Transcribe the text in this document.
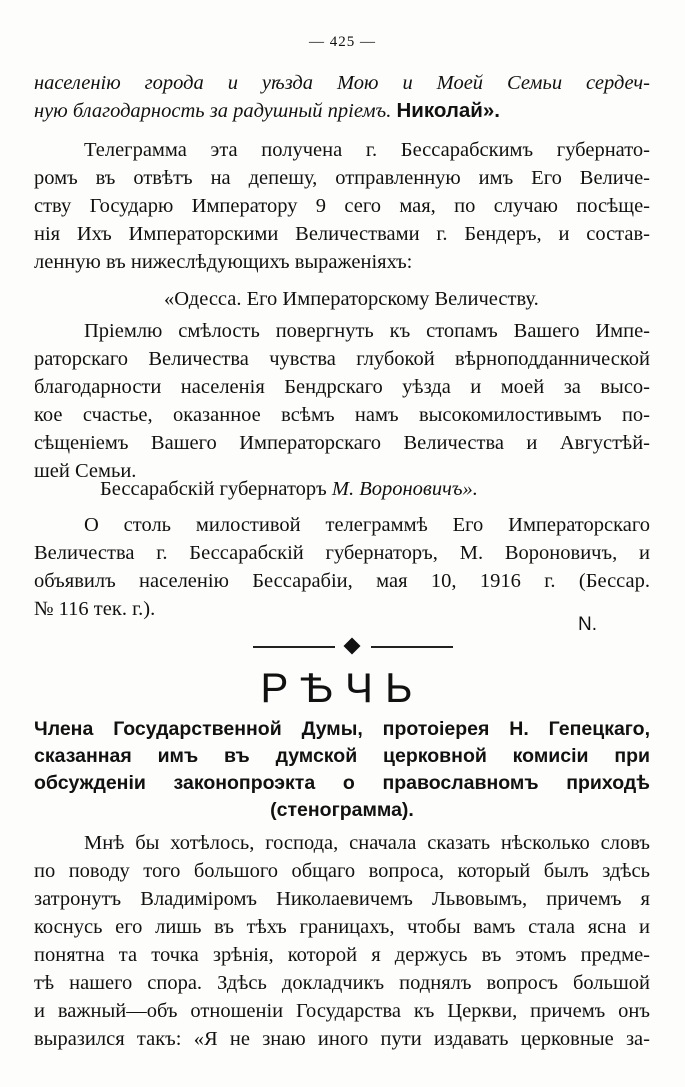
— 425 —
населенію города и уѣзда Мою и Моей Семьи сердеч-
ную благодарность за радушный пріемъ. Николай».
Телеграмма эта получена г. Бессарабскимъ губернато-
ромъ въ отвѣтъ на депешу, отправленную имъ Его Величе-
ству Государю Императору 9 сего мая, по случаю посѣще-
нія Ихъ Императорскими Величествами г. Бендеръ, и состав-
ленную въ нижеслѣдующихъ выраженіяхъ:
«Одесса. Его Императорскому Величеству.
Пріемлю смѣлость повергнуть къ стопамъ Вашего Импе-
раторскаго Величества чувства глубокой вѣрноподданнической
благодарности населенія Бендрскаго уѣзда и моей за высо-
кое счастье, оказанное всѣмъ намъ высокомилостивымъ по-
сѣщеніемъ Вашего Императорскаго Величества и Августѣй-
шей Семьи.
Бессарабскій губернаторъ М. Вороновичъ».
О столь милостивой телеграммѣ Его Императорскаго
Величества г. Бессарабскій губернаторъ, М. Вороновичъ, и
объявилъ населенію Бессарабіи, мая 10, 1916 г. (Бессар.
№ 116 тек. г.).
N.
РѢЧЬ
Члена Государственной Думы, протоіерея Н. Гепецкаго,
сказанная имъ въ думской церковной комисіи при
обсужденіи законопроэкта о православномъ приходѣ
(стенограмма).
Мнѣ бы хотѣлось, господа, сначала сказать нѣсколько словъ
по поводу того большого общаго вопроса, который былъ здѣсь
затронутъ Владиміромъ Николаевичемъ Львовымъ, причемъ я
коснусь его лишь въ тѣхъ границахъ, чтобы вамъ стала ясна и
понятна та точка зрѣнія, которой я держусь въ этомъ предме-
тѣ нашего спора. Здѣсь докладчикъ поднялъ вопросъ большой
и важный—объ отношеніи Государства къ Церкви, причемъ онъ
выразился такъ: «Я не знаю иного пути издавать церковные за-
